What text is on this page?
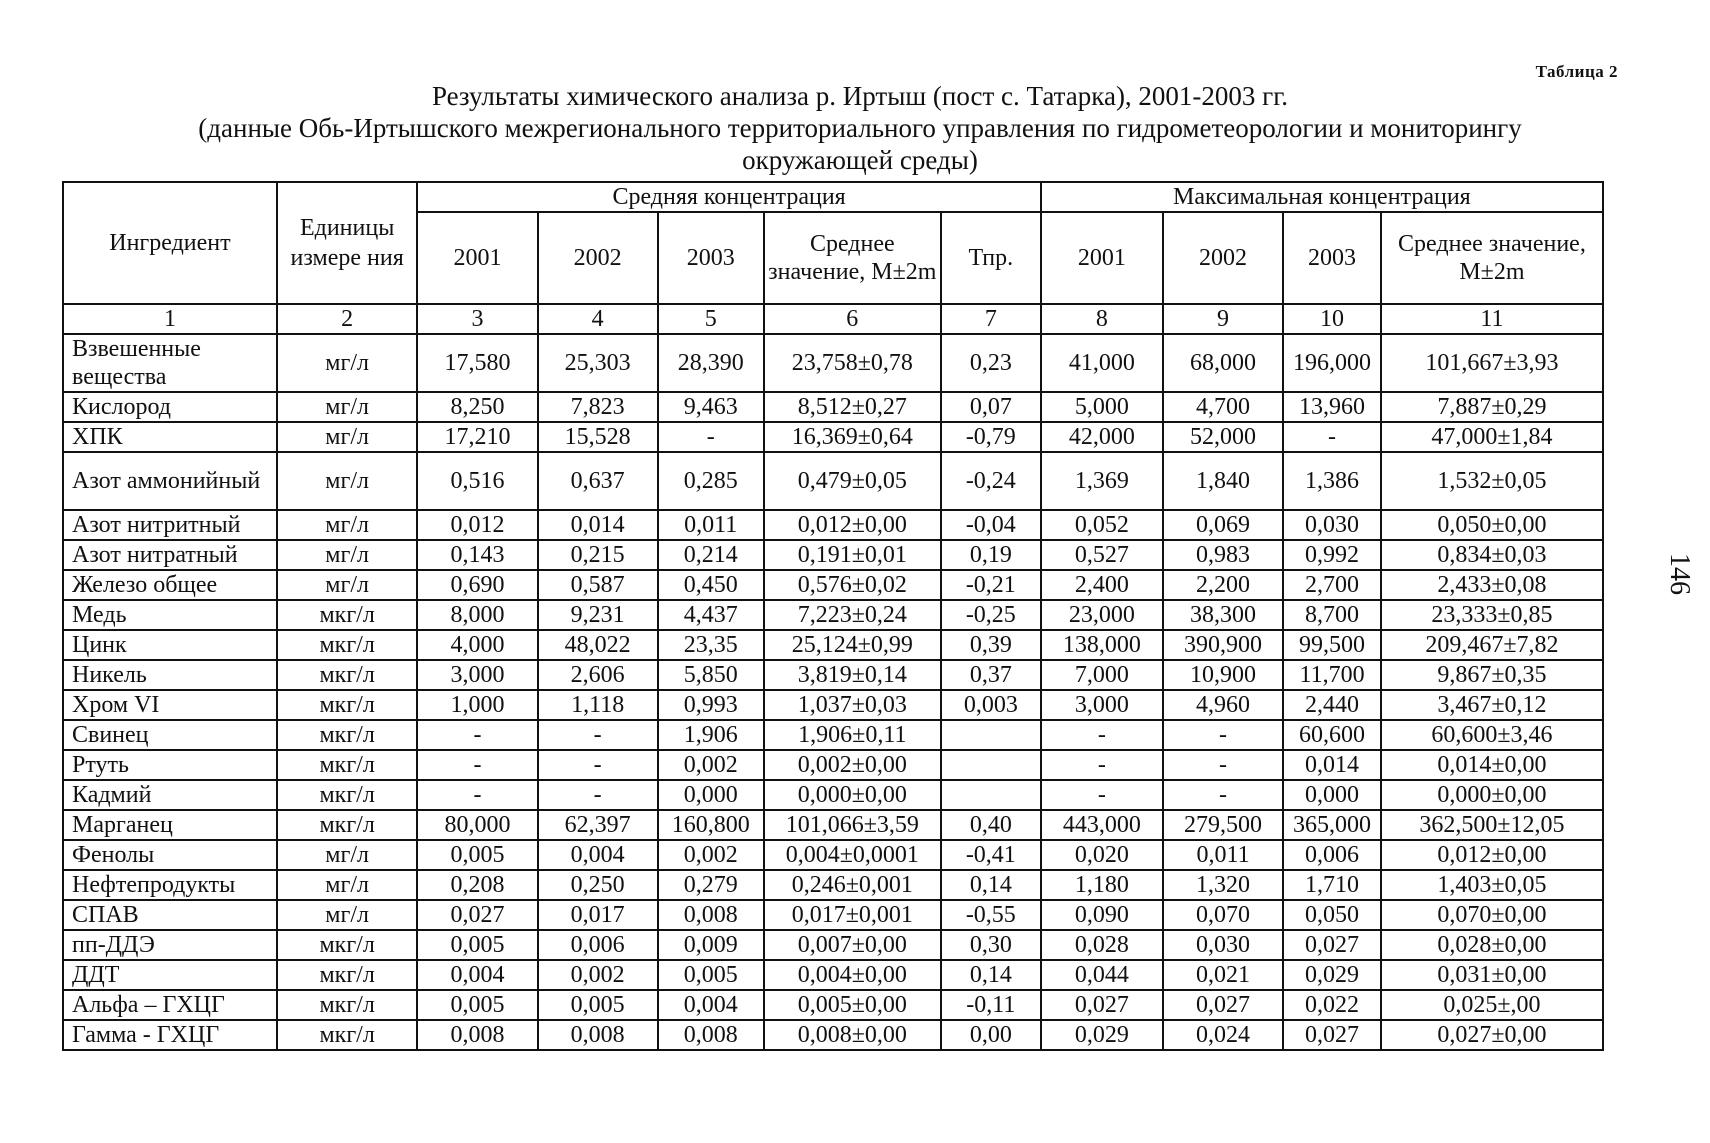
Таблица 2
Результаты химического анализа р. Иртыш (пост с. Татарка), 2001-2003 гг.
(данные Обь-Иртышского межрегионального территориального управления по гидрометеорологии и мониторингу
окружающей среды)
146
Ингредиент	Единицы измере ния	Средняя концентрация					Максимальная концентрация			
		2001	2002	2003	Среднее значение, M±2m	Тпр.	2001	2002	2003	Среднее значение, M±2m
1	2	3	4	5	6	7	8	9	10	11
Взвешенные вещества	мг/л	17,580	25,303	28,390	23,758±0,78	0,23	41,000	68,000	196,000	101,667±3,93
Кислород	мг/л	8,250	7,823	9,463	8,512±0,27	0,07	5,000	4,700	13,960	7,887±0,29
ХПК	мг/л	17,210	15,528	-	16,369±0,64	-0,79	42,000	52,000	-	47,000±1,84
Азот аммонийный	мг/л	0,516	0,637	0,285	0,479±0,05	-0,24	1,369	1,840	1,386	1,532±0,05
Азот нитритный	мг/л	0,012	0,014	0,011	0,012±0,00	-0,04	0,052	0,069	0,030	0,050±0,00
Азот нитратный	мг/л	0,143	0,215	0,214	0,191±0,01	0,19	0,527	0,983	0,992	0,834±0,03
Железо общее	мг/л	0,690	0,587	0,450	0,576±0,02	-0,21	2,400	2,200	2,700	2,433±0,08
Медь	мкг/л	8,000	9,231	4,437	7,223±0,24	-0,25	23,000	38,300	8,700	23,333±0,85
Цинк	мкг/л	4,000	48,022	23,35	25,124±0,99	0,39	138,000	390,900	99,500	209,467±7,82
Никель	мкг/л	3,000	2,606	5,850	3,819±0,14	0,37	7,000	10,900	11,700	9,867±0,35
Хром VI	мкг/л	1,000	1,118	0,993	1,037±0,03	0,003	3,000	4,960	2,440	3,467±0,12
Свинец	мкг/л	-	-	1,906	1,906±0,11		-	-	60,600	60,600±3,46
Ртуть	мкг/л	-	-	0,002	0,002±0,00		-	-	0,014	0,014±0,00
Кадмий	мкг/л	-	-	0,000	0,000±0,00		-	-	0,000	0,000±0,00
Марганец	мкг/л	80,000	62,397	160,800	101,066±3,59	0,40	443,000	279,500	365,000	362,500±12,05
Фенолы	мг/л	0,005	0,004	0,002	0,004±0,0001	-0,41	0,020	0,011	0,006	0,012±0,00
Нефтепродукты	мг/л	0,208	0,250	0,279	0,246±0,001	0,14	1,180	1,320	1,710	1,403±0,05
СПАВ	мг/л	0,027	0,017	0,008	0,017±0,001	-0,55	0,090	0,070	0,050	0,070±0,00
пп-ДДЭ	мкг/л	0,005	0,006	0,009	0,007±0,00	0,30	0,028	0,030	0,027	0,028±0,00
ДДТ	мкг/л	0,004	0,002	0,005	0,004±0,00	0,14	0,044	0,021	0,029	0,031±0,00
Альфа – ГХЦГ	мкг/л	0,005	0,005	0,004	0,005±0,00	-0,11	0,027	0,027	0,022	0,025±,00
Гамма - ГХЦГ	мкг/л	0,008	0,008	0,008	0,008±0,00	0,00	0,029	0,024	0,027	0,027±0,00
